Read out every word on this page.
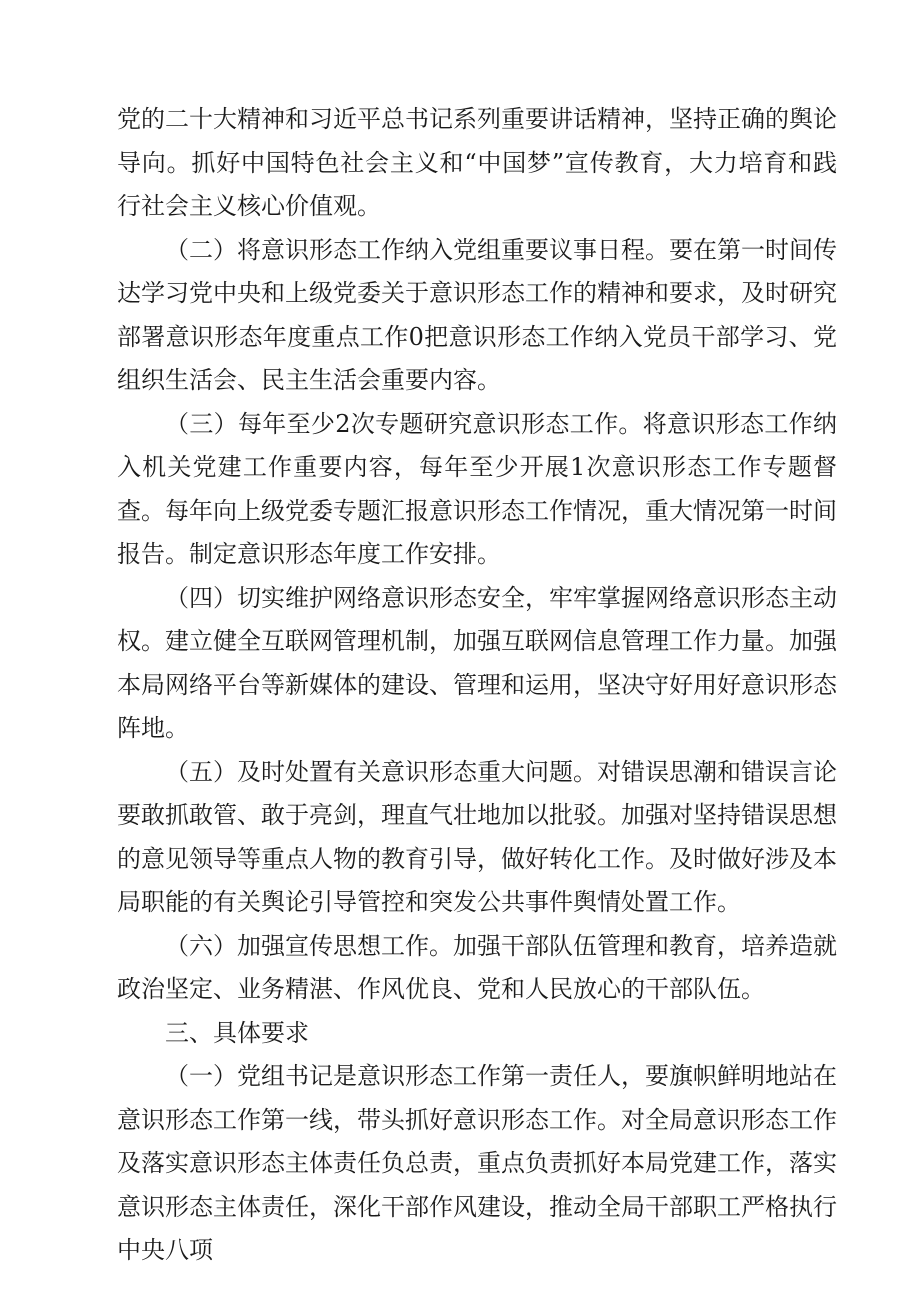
党的二十大精神和习近平总书记系列重要讲话精神，坚持正确的舆论导向。抓好中国特色社会主义和“中国梦”宣传教育，大力培育和践行社会主义核心价值观。

（二）将意识形态工作纳入党组重要议事日程。要在第一时间传达学习党中央和上级党委关于意识形态工作的精神和要求，及时研究部署意识形态年度重点工作0把意识形态工作纳入党员干部学习、党组织生活会、民主生活会重要内容。

（三）每年至少2次专题研究意识形态工作。将意识形态工作纳入机关党建工作重要内容，每年至少开展1次意识形态工作专题督查。每年向上级党委专题汇报意识形态工作情况，重大情况第一时间报告。制定意识形态年度工作安排。

（四）切实维护网络意识形态安全，牢牢掌握网络意识形态主动权。建立健全互联网管理机制，加强互联网信息管理工作力量。加强本局网络平台等新媒体的建设、管理和运用，坚决守好用好意识形态阵地。

（五）及时处置有关意识形态重大问题。对错误思潮和错误言论要敢抓敢管、敢于亮剑，理直气壮地加以批驳。加强对坚持错误思想的意见领导等重点人物的教育引导，做好转化工作。及时做好涉及本局职能的有关舆论引导管控和突发公共事件舆情处置工作。

（六）加强宣传思想工作。加强干部队伍管理和教育，培养造就政治坚定、业务精湛、作风优良、党和人民放心的干部队伍。

三、具体要求

（一）党组书记是意识形态工作第一责任人，要旗帜鲜明地站在意识形态工作第一线，带头抓好意识形态工作。对全局意识形态工作及落实意识形态主体责任负总责，重点负责抓好本局党建工作，落实意识形态主体责任，深化干部作风建设，推动全局干部职工严格执行中央八项
